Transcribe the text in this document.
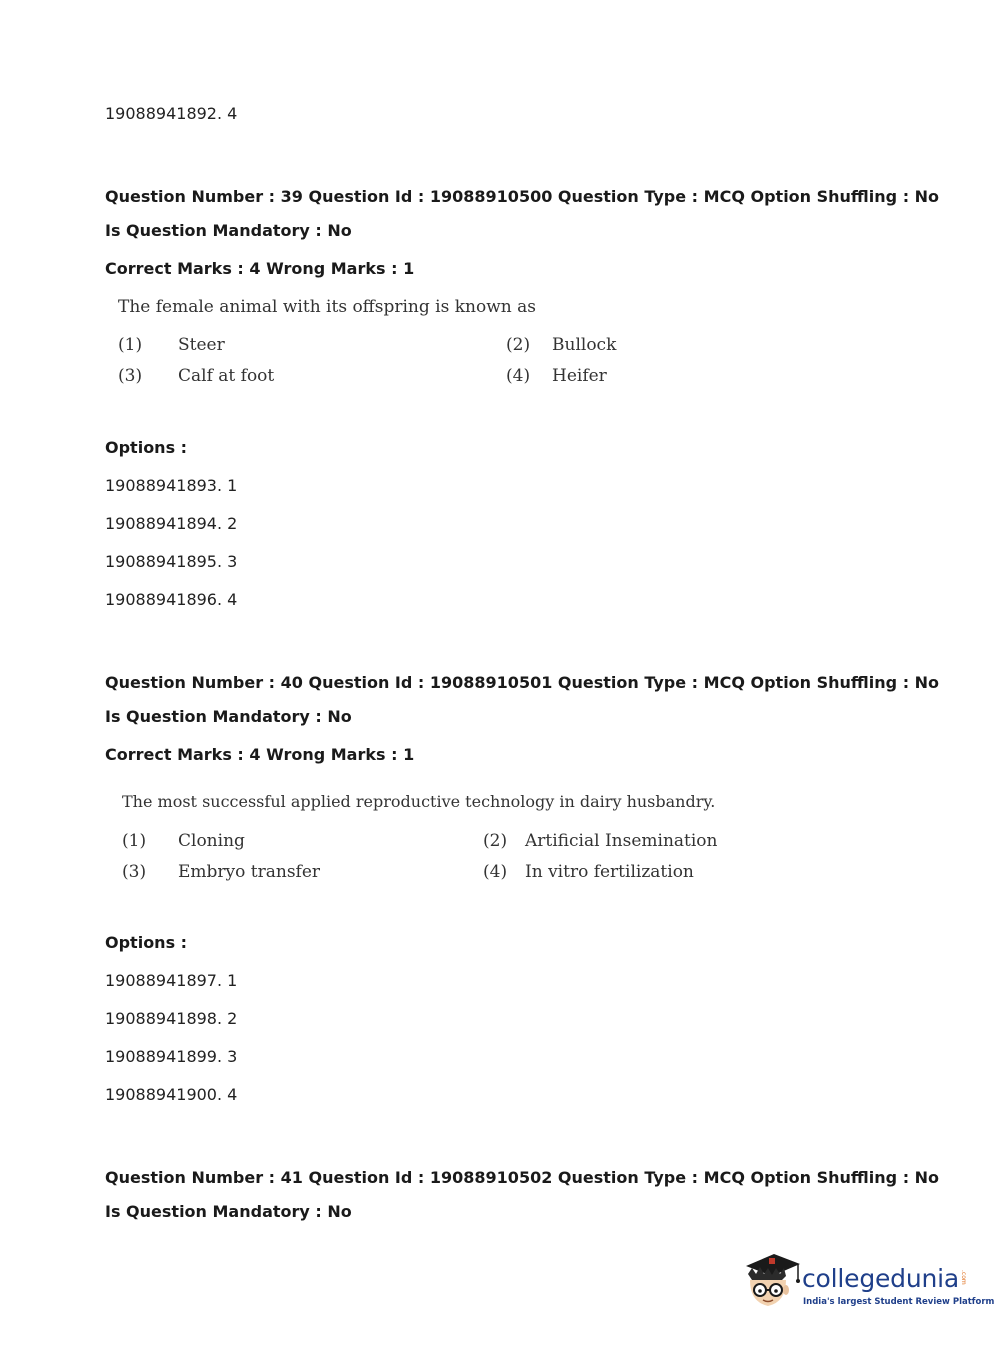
19088941892. 4
Question Number : 39 Question Id : 19088910500 Question Type : MCQ Option Shuffling : No
Is Question Mandatory : No
Correct Marks : 4 Wrong Marks : 1
The female animal with its offspring is known as
(1) Steer	(2) Bullock
(3) Calf at foot	(4) Heifer
Options :
19088941893. 1
19088941894. 2
19088941895. 3
19088941896. 4
Question Number : 40 Question Id : 19088910501 Question Type : MCQ Option Shuffling : No
Is Question Mandatory : No
Correct Marks : 4 Wrong Marks : 1
The most successful applied reproductive technology in dairy husbandry.
(1) Cloning	(2) Artificial Insemination
(3) Embryo transfer	(4) In vitro fertilization
Options :
19088941897. 1
19088941898. 2
19088941899. 3
19088941900. 4
Question Number : 41 Question Id : 19088910502 Question Type : MCQ Option Shuffling : No
Is Question Mandatory : No
collegedunia .com
India's largest Student Review Platform
